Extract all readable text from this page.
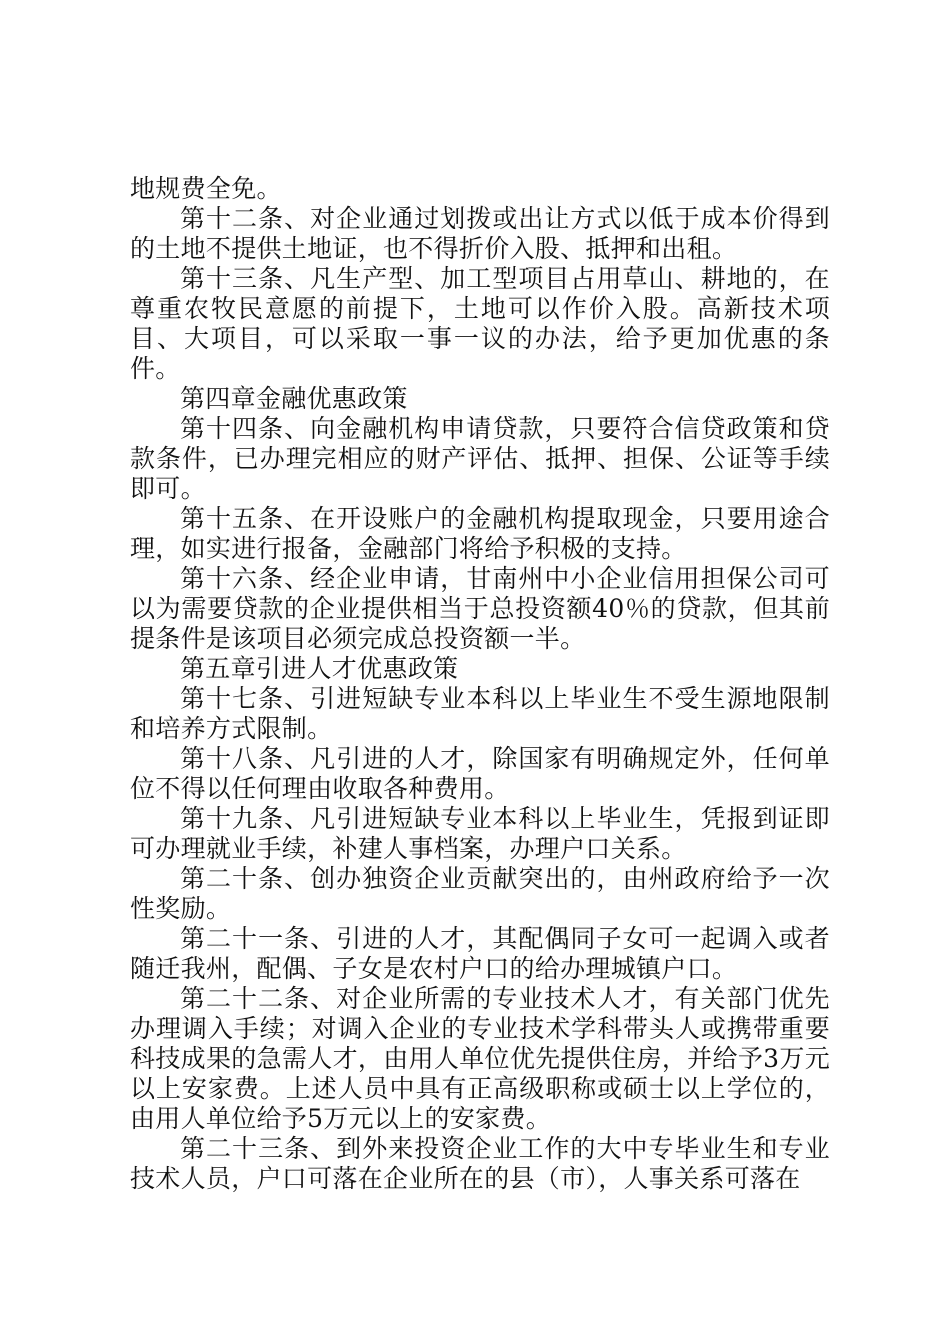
地规费全免。

第十二条、对企业通过划拨或出让方式以低于成本价得到的土地不提供土地证，也不得折价入股、抵押和出租。

第十三条、凡生产型、加工型项目占用草山、耕地的，在尊重农牧民意愿的前提下，土地可以作价入股。高新技术项目、大项目，可以采取一事一议的办法，给予更加优惠的条件。

第四章金融优惠政策

第十四条、向金融机构申请贷款，只要符合信贷政策和贷款条件，已办理完相应的财产评估、抵押、担保、公证等手续即可。

第十五条、在开设账户的金融机构提取现金，只要用途合理，如实进行报备，金融部门将给予积极的支持。

第十六条、经企业申请，甘南州中小企业信用担保公司可以为需要贷款的企业提供相当于总投资额40％的贷款，但其前提条件是该项目必须完成总投资额一半。

第五章引进人才优惠政策

第十七条、引进短缺专业本科以上毕业生不受生源地限制和培养方式限制。

第十八条、凡引进的人才，除国家有明确规定外，任何单位不得以任何理由收取各种费用。

第十九条、凡引进短缺专业本科以上毕业生，凭报到证即可办理就业手续，补建人事档案，办理户口关系。

第二十条、创办独资企业贡献突出的，由州政府给予一次性奖励。

第二十一条、引进的人才，其配偶同子女可一起调入或者随迁我州，配偶、子女是农村户口的给办理城镇户口。

第二十二条、对企业所需的专业技术人才，有关部门优先办理调入手续；对调入企业的专业技术学科带头人或携带重要科技成果的急需人才，由用人单位优先提供住房，并给予3万元以上安家费。上述人员中具有正高级职称或硕士以上学位的，由用人单位给予5万元以上的安家费。

第二十三条、到外来投资企业工作的大中专毕业生和专业技术人员，户口可落在企业所在的县（市），人事关系可落在
